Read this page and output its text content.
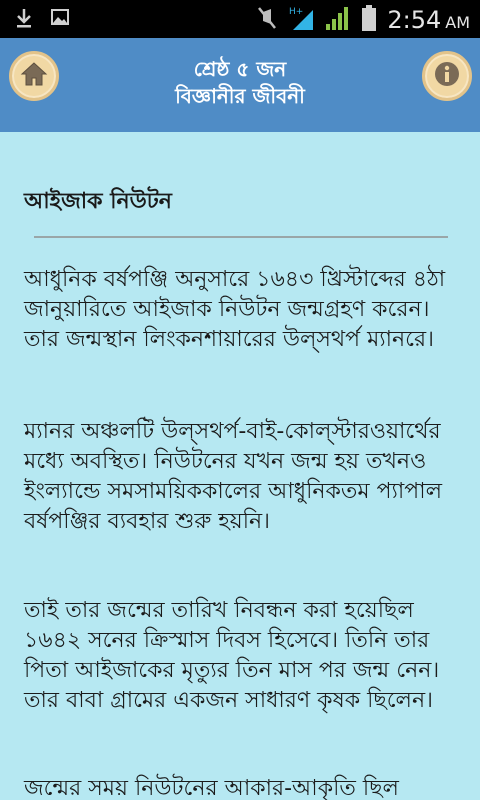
H+	2:54 AM
শ্রেষ্ঠ ৫ জন
বিজ্ঞানীর জীবনী
আইজাক নিউটন

আধুনিক বর্ষপঞ্জি অনুসারে ১৬৪৩ খ্রিস্টাব্দের ৪ঠা জানুয়ারিতে আইজাক নিউটন জন্মগ্রহণ করেন। তার জন্মস্থান লিংকনশায়ারের উল্সথর্প ম্যানরে।

ম্যানর অঞ্চলটি উল্সথর্প-বাই-কোল্স্টারওয়ার্থের মধ্যে অবস্থিত। নিউটনের যখন জন্ম হয় তখনও ইংল্যান্ডে সমসাময়িককালের আধুনিকতম প্যাপাল বর্ষপঞ্জির ব্যবহার শুরু হয়নি।

তাই তার জন্মের তারিখ নিবন্ধন করা হয়েছিল ১৬৪২ সনের ক্রিস্মাস দিবস হিসেবে। তিনি তার পিতা আইজাকের মৃত্যুর তিন মাস পর জন্ম নেন। তার বাবা গ্রামের একজন সাধারণ কৃষক ছিলেন।

জন্মের সময় নিউটনের আকার-আকৃতি ছিল
